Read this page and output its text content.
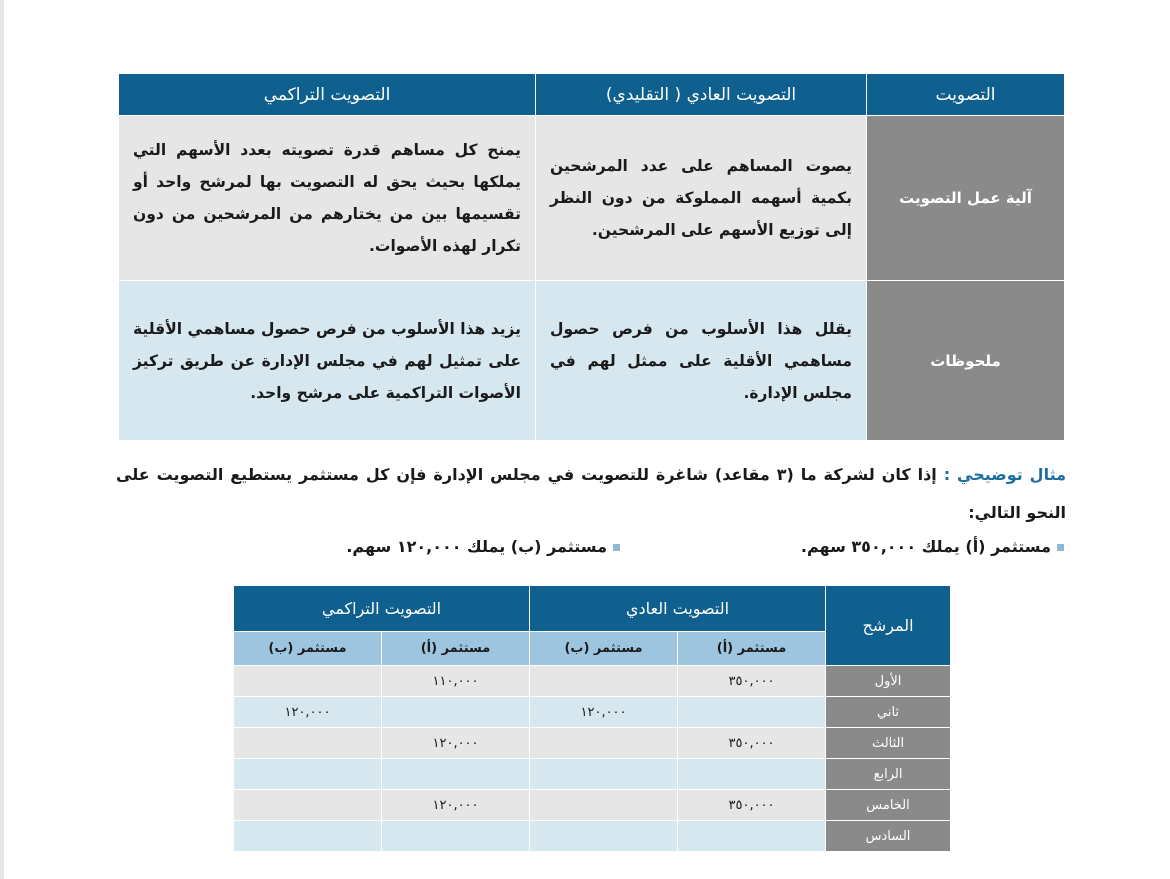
التصويت	التصويت العادي ( التقليدي)	التصويت التراكمي
آلية عمل التصويت	يصوت المساهم على عدد المرشحين بكمية أسهمه المملوكة من دون النظر إلى توزيع الأسهم على المرشحين.	يمنح كل مساهم قدرة تصويته بعدد الأسهم التي يملكها بحيث يحق له التصويت بها لمرشح واحد أو تقسيمها بين من يختارهم من المرشحين من دون تكرار لهذه الأصوات.
ملحوظات	يقلل هذا الأسلوب من فرص حصول مساهمي الأقلية على ممثل لهم في مجلس الإدارة.	يزيد هذا الأسلوب من فرص حصول مساهمي الأقلية على تمثيل لهم في مجلس الإدارة عن طريق تركيز الأصوات التراكمية على مرشح واحد.
مثال توضيحي : إذا كان لشركة ما (٣ مقاعد) شاغرة للتصويت في مجلس الإدارة فإن كل مستثمر يستطيع التصويت على النحو التالي:
مستثمر (أ) يملك ٣٥٠,٠٠٠ سهم.
مستثمر (ب) يملك ١٢٠,٠٠٠ سهم.
المرشح	التصويت العادي		التصويت التراكمي	
	مستثمر (أ)	مستثمر (ب)	مستثمر (أ)	مستثمر (ب)
الأول	٣٥٠,٠٠٠		١١٠,٠٠٠	
ثاني		١٢٠,٠٠٠		١٢٠,٠٠٠
الثالث	٣٥٠,٠٠٠		١٢٠,٠٠٠	
الرابع				
الخامس	٣٥٠,٠٠٠		١٢٠,٠٠٠	
السادس				
